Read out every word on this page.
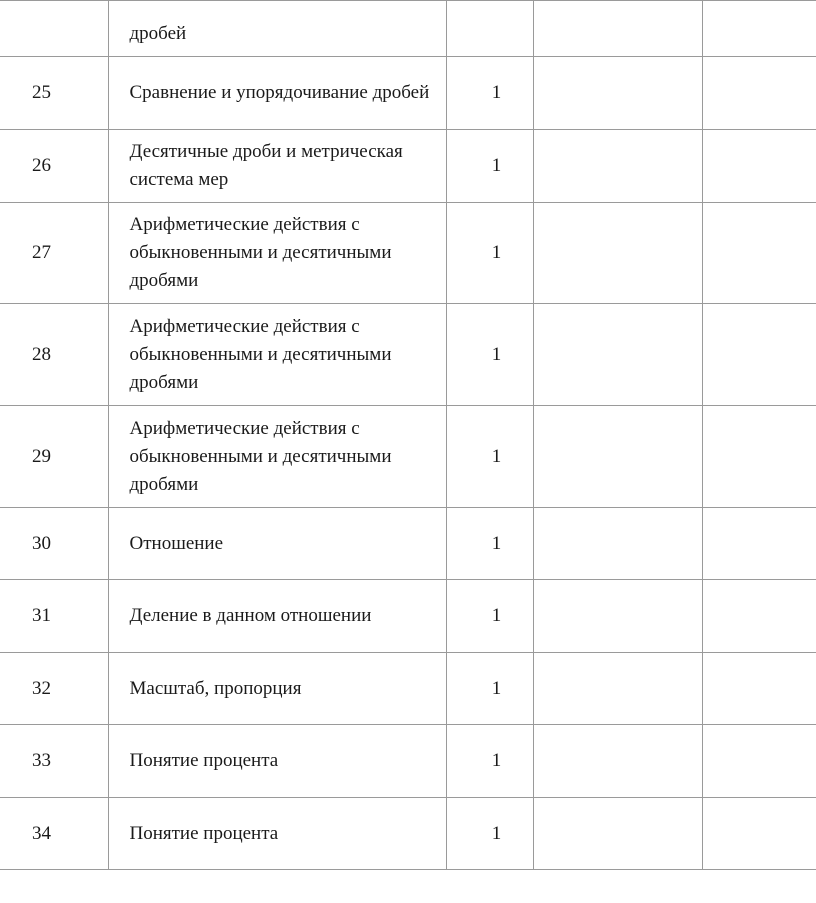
	дробей			
25	Сравнение и упорядочивание дробей	1		
26	Десятичные дроби и метрическая система мер	1		
27	Арифметические действия с обыкновенными и десятичными дробями	1		
28	Арифметические действия с обыкновенными и десятичными дробями	1		
29	Арифметические действия с обыкновенными и десятичными дробями	1		
30	Отношение	1		
31	Деление в данном отношении	1		
32	Масштаб, пропорция	1		
33	Понятие процента	1		
34	Понятие процента	1		
